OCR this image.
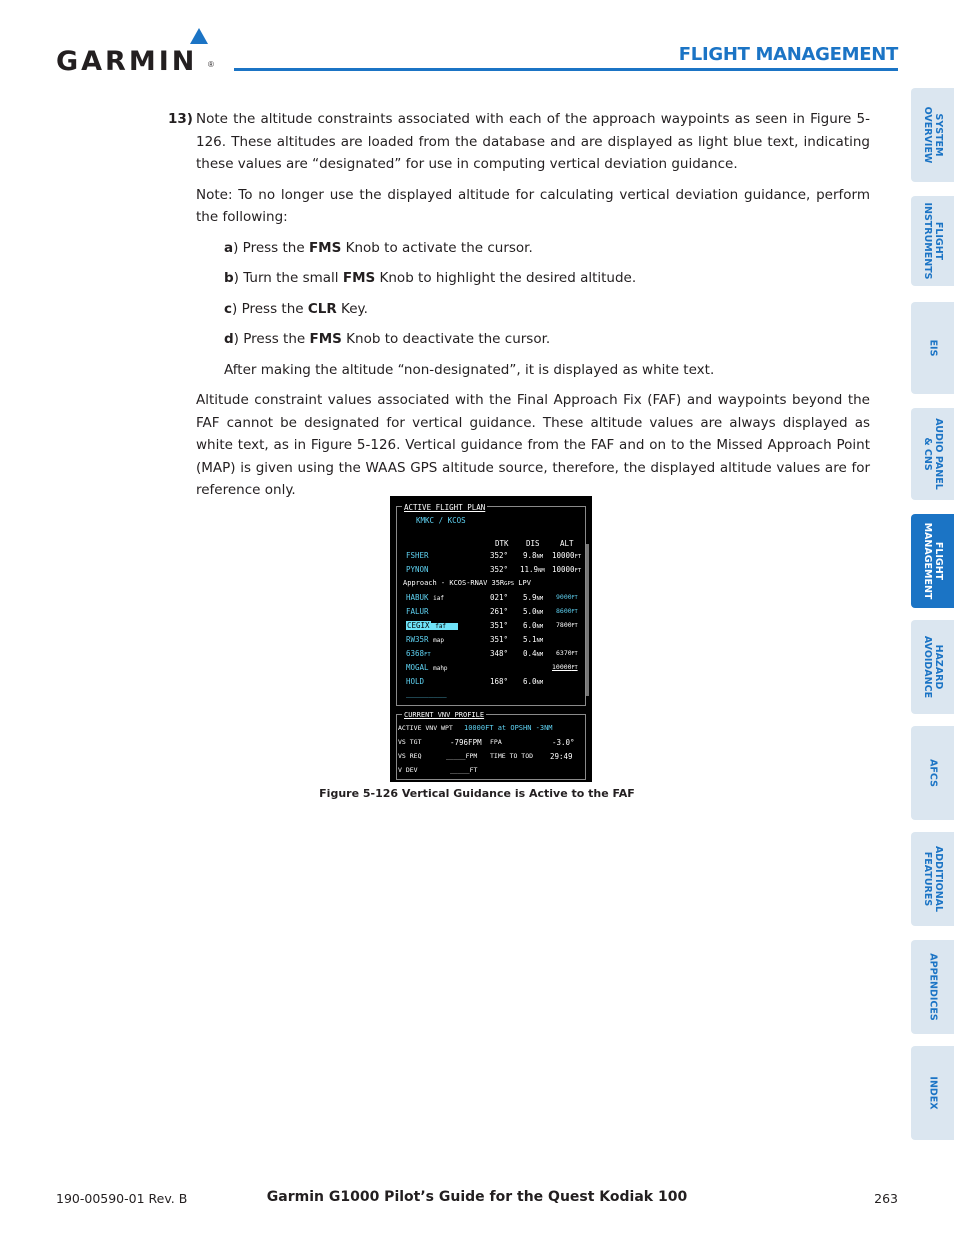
GARMIN ®	FLIGHT MANAGEMENT
SYSTEM
OVERVIEW
FLIGHT
INSTRUMENTS
EIS
AUDIO PANEL
& CNS
FLIGHT
MANAGEMENT
HAZARD
AVOIDANCE
AFCS
ADDITIONAL
FEATURES
APPENDICES
INDEX
13) Note the altitude constraints associated with each of the approach waypoints as seen in Figure 5-126. These altitudes are loaded from the database and are displayed as light blue text, indicating these values are “designated” for use in computing vertical deviation guidance.

Note: To no longer use the displayed altitude for calculating vertical deviation guidance, perform the following:

a) Press the FMS Knob to activate the cursor.

b) Turn the small FMS Knob to highlight the desired altitude.

c) Press the CLR Key.

d) Press the FMS Knob to deactivate the cursor.

After making the altitude “non-designated”, it is displayed as white text.

Altitude constraint values associated with the Final Approach Fix (FAF) and waypoints beyond the FAF cannot be designated for vertical guidance. These altitude values are always displayed as white text, as in Figure 5-126. Vertical guidance from the FAF and on to the Missed Approach Point (MAP) is given using the WAAS GPS altitude source, therefore, the displayed altitude values are for reference only.

ACTIVE FLIGHT PLAN
KMKC / KCOS
DTK DIS	ALT
FSHER	352° 9.8NM 10000FT
PYNON	352° 11.9NM 10000FT
Approach - KCOS-RNAV 35RGPS LPV
HABUK iaf	021° 5.9NM 9000FT
FALUR	261° 5.0NM 8600FT
CEGIX faf	351° 6.0NM 7800FT
RW35R map	351° 5.1NM
6368FT	348° 0.4NM 6370FT
MOGAL mahp	10000FT
HOLD	168° 6.0NM
_________
CURRENT VNV PROFILE
ACTIVE VNV WPT 10000FT at OPSHN -3NM
VS TGT	-796FPM FPA	-3.0°
VS REQ	_____FPM TIME TO TOD 29:49
V DEV	_____FT
Figure 5-126 Vertical Guidance is Active to the FAF
190-00590-01 Rev. B	Garmin G1000 Pilot’s Guide for the Quest Kodiak 100	263
